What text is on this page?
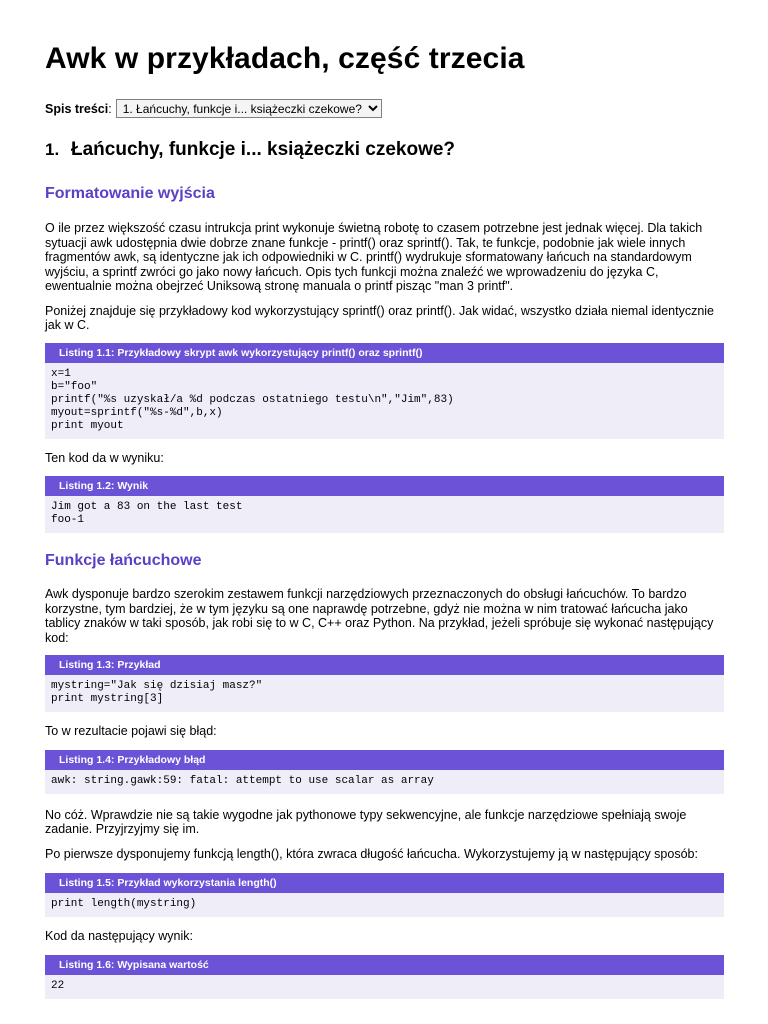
Awk w przykładach, część trzecia
Spis treści :
1. Łańcuchy, funkcje i... książeczki czekowe?
1. Łańcuchy, funkcje i... książeczki czekowe?
Formatowanie wyjścia

O ile przez większość czasu intrukcja print wykonuje świetną robotę to czasem potrzebne jest jednak więcej. Dla takich sytuacji awk udostępnia dwie dobrze znane funkcje - printf() oraz sprintf(). Tak, te funkcje, podobnie jak wiele innych fragmentów awk, są identyczne jak ich odpowiedniki w C. printf() wydrukuje sformatowany łańcuch na standardowym wyjściu, a sprintf zwróci go jako nowy łańcuch. Opis tych funkcji można znaleźć we wprowadzeniu do języka C, ewentualnie można obejrzeć Uniksową stronę manuala o printf pisząc "man 3 printf".

Poniżej znajduje się przykładowy kod wykorzystujący sprintf() oraz printf(). Jak widać, wszystko działa niemal identycznie jak w C.

Listing 1.1: Przykładowy skrypt awk wykorzystujący printf() oraz sprintf()
x=1
b="foo"
printf("%s uzyskał/a %d podczas ostatniego testu\n","Jim",83)
myout=sprintf("%s-%d",b,x)
print myout

Ten kod da w wyniku:

Listing 1.2: Wynik
Jim got a 83 on the last test
foo-1
Funkcje łańcuchowe

Awk dysponuje bardzo szerokim zestawem funkcji narzędziowych przeznaczonych do obsługi łańcuchów. To bardzo korzystne, tym bardziej, że w tym języku są one naprawdę potrzebne, gdyż nie można w nim tratować łańcucha jako tablicy znaków w taki sposób, jak robi się to w C, C++ oraz Python. Na przykład, jeżeli spróbuje się wykonać następujący kod:

Listing 1.3: Przykład
mystring="Jak się dzisiaj masz?"
print mystring[3]

To w rezultacie pojawi się błąd:

Listing 1.4: Przykładowy błąd
awk: string.gawk:59: fatal: attempt to use scalar as array

No cóż. Wprawdzie nie są takie wygodne jak pythonowe typy sekwencyjne, ale funkcje narzędziowe spełniają swoje zadanie. Przyjrzyjmy się im.

Po pierwsze dysponujemy funkcją length(), która zwraca długość łańcucha. Wykorzystujemy ją w następujący sposób:

Listing 1.5: Przykład wykorzystania length()
print length(mystring)

Kod da następujący wynik:

Listing 1.6: Wypisana wartość
22
